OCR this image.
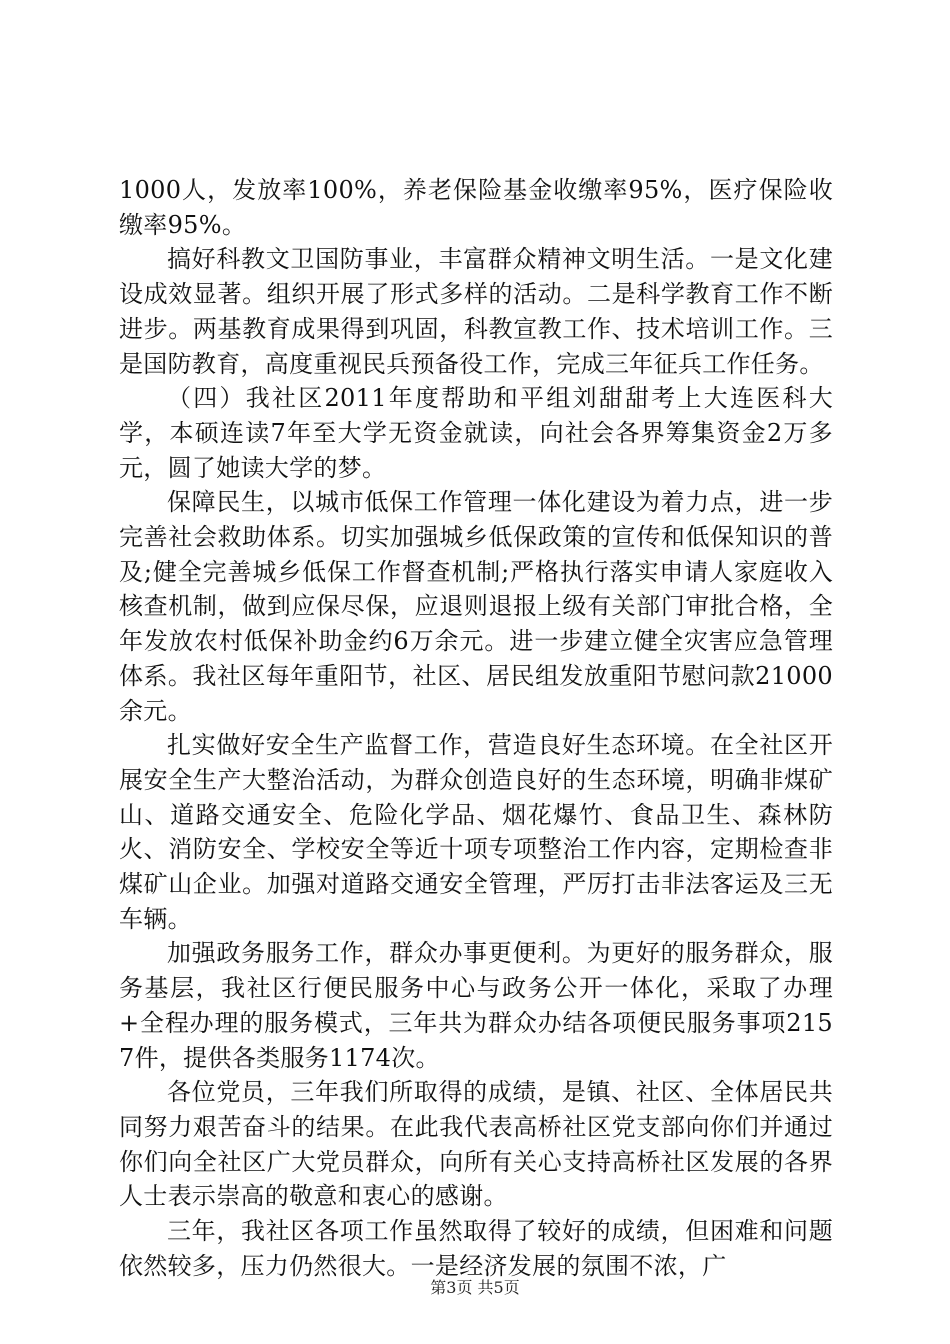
1000人，发放率100%，养老保险基金收缴率95%，医疗保险收缴率95%。

搞好科教文卫国防事业，丰富群众精神文明生活。一是文化建设成效显著。组织开展了形式多样的活动。二是科学教育工作不断进步。两基教育成果得到巩固，科教宣教工作、技术培训工作。三是国防教育，高度重视民兵预备役工作，完成三年征兵工作任务。

（四）我社区2011年度帮助和平组刘甜甜考上大连医科大学，本硕连读7年至大学无资金就读，向社会各界筹集资金2万多元，圆了她读大学的梦。

保障民生，以城市低保工作管理一体化建设为着力点，进一步完善社会救助体系。切实加强城乡低保政策的宣传和低保知识的普及;健全完善城乡低保工作督查机制;严格执行落实申请人家庭收入核查机制，做到应保尽保，应退则退报上级有关部门审批合格，全年发放农村低保补助金约6万余元。进一步建立健全灾害应急管理体系。我社区每年重阳节，社区、居民组发放重阳节慰问款21000余元。

扎实做好安全生产监督工作，营造良好生态环境。在全社区开展安全生产大整治活动，为群众创造良好的生态环境，明确非煤矿山、道路交通安全、危险化学品、烟花爆竹、食品卫生、森林防火、消防安全、学校安全等近十项专项整治工作内容，定期检查非煤矿山企业。加强对道路交通安全管理，严厉打击非法客运及三无车辆。

加强政务服务工作，群众办事更便利。为更好的服务群众，服务基层，我社区行便民服务中心与政务公开一体化，采取了办理+全程办理的服务模式，三年共为群众办结各项便民服务事项2157件，提供各类服务1174次。

各位党员，三年我们所取得的成绩，是镇、社区、全体居民共同努力艰苦奋斗的结果。在此我代表高桥社区党支部向你们并通过你们向全社区广大党员群众，向所有关心支持高桥社区发展的各界人士表示崇高的敬意和衷心的感谢。

三年，我社区各项工作虽然取得了较好的成绩，但困难和问题依然较多，压力仍然很大。一是经济发展的氛围不浓，广

第3页 共5页
